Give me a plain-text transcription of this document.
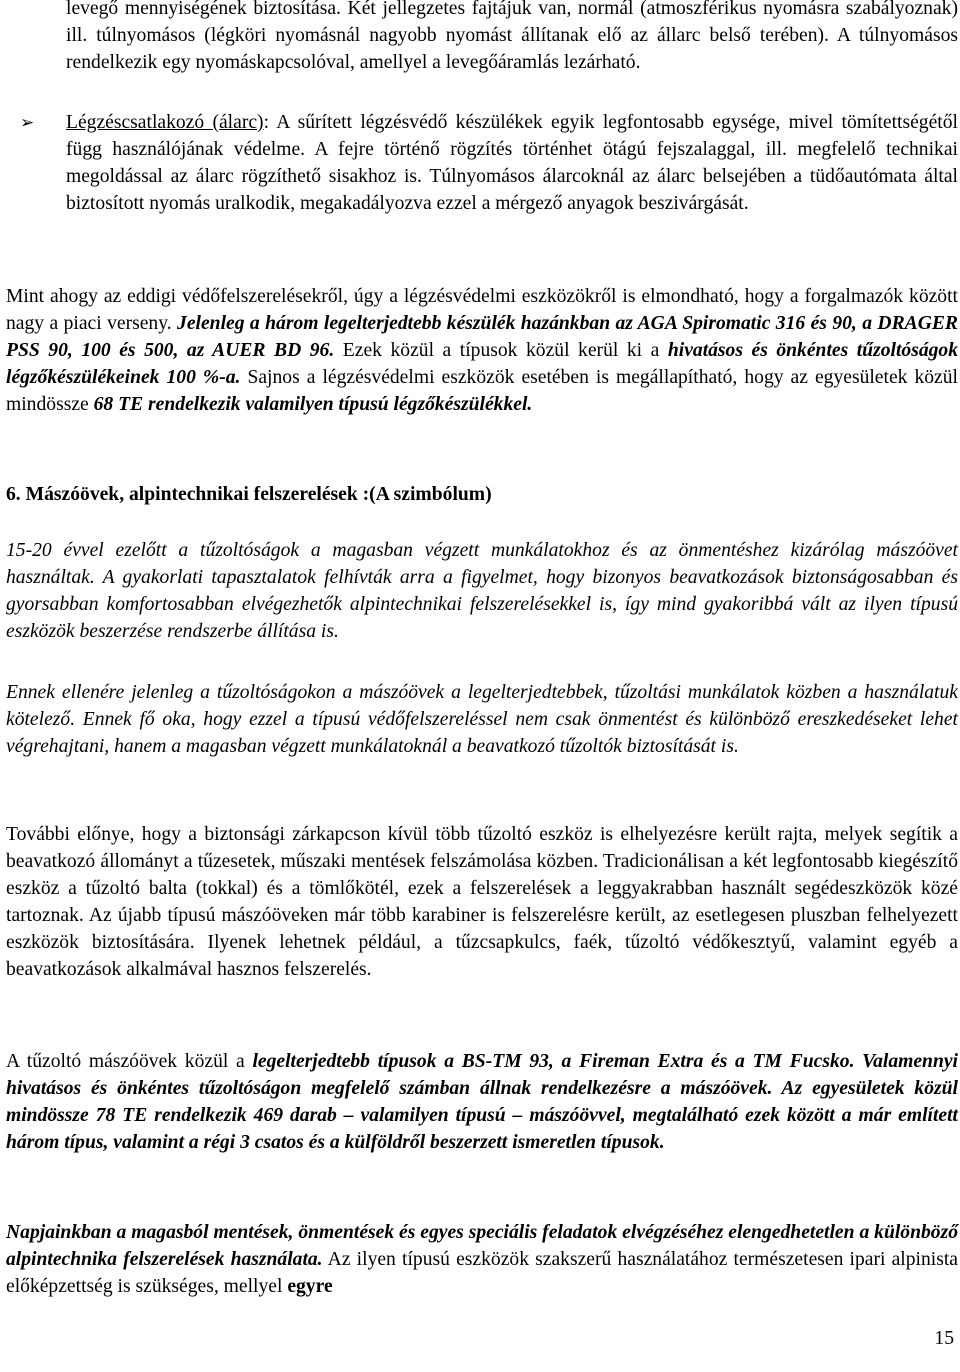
levegő mennyiségének biztosítása. Két jellegzetes fajtájuk van, normál (atmoszférikus nyomásra szabályoznak) ill. túlnyomásos (légköri nyomásnál nagyobb nyomást állítanak elő az állarc belső terében). A túlnyomásos rendelkezik egy nyomáskapcsolóval, amellyel a levegőáramlás lezárható.

➢ Légzéscsatlakozó (álarc): A sűrített légzésvédő készülékek egyik legfontosabb egysége, mivel tömítettségétől függ használójának védelme. A fejre történő rögzítés történhet ötágú fejszalaggal, ill. megfelelő technikai megoldással az álarc rögzíthető sisakhoz is. Túlnyomásos álarcoknál az álarc belsejében a tüdőautómata által biztosított nyomás uralkodik, megakadályozva ezzel a mérgező anyagok beszivárgását.

Mint ahogy az eddigi védőfelszerelésekről, úgy a légzésvédelmi eszközökről is elmondható, hogy a forgalmazók között nagy a piaci verseny. Jelenleg a három legelterjedtebb készülék hazánkban az AGA Spiromatic 316 és 90, a DRAGER PSS 90, 100 és 500, az AUER BD 96. Ezek közül a típusok közül kerül ki a hivatásos és önkéntes tűzoltóságok légzőkészülékeinek 100 %-a. Sajnos a légzésvédelmi eszközök esetében is megállapítható, hogy az egyesületek közül mindössze 68 TE rendelkezik valamilyen típusú légzőkészülékkel.

6. Mászóövek, alpintechnikai felszerelések :(A szimbólum)

15-20 évvel ezelőtt a tűzoltóságok a magasban végzett munkálatokhoz és az önmentéshez kizárólag mászóövet használtak. A gyakorlati tapasztalatok felhívták arra a figyelmet, hogy bizonyos beavatkozások biztonságosabban és gyorsabban komfortosabban elvégezhetők alpintechnikai felszerelésekkel is, így mind gyakoribbá vált az ilyen típusú eszközök beszerzése rendszerbe állítása is.

Ennek ellenére jelenleg a tűzoltóságokon a mászóövek a legelterjedtebbek, tűzoltási munkálatok közben a használatuk kötelező. Ennek fő oka, hogy ezzel a típusú védőfelszereléssel nem csak önmentést és különböző ereszkedéseket lehet végrehajtani, hanem a magasban végzett munkálatoknál a beavatkozó tűzoltók biztosítását is.

További előnye, hogy a biztonsági zárkapcson kívül több tűzoltó eszköz is elhelyezésre került rajta, melyek segítik a beavatkozó állományt a tűzesetek, műszaki mentések felszámolása közben. Tradicionálisan a két legfontosabb kiegészítő eszköz a tűzoltó balta (tokkal) és a tömlőkötél, ezek a felszerelések a leggyakrabban használt segédeszközök közé tartoznak. Az újabb típusú mászóöveken már több karabiner is felszerelésre került, az esetlegesen pluszban felhelyezett eszközök biztosítására. Ilyenek lehetnek például, a tűzcsapkulcs, faék, tűzoltó védőkesztyű, valamint egyéb a beavatkozások alkalmával hasznos felszerelés.

A tűzoltó mászóövek közül a legelterjedtebb típusok a BS-TM 93, a Fireman Extra és a TM Fucsko. Valamennyi hivatásos és önkéntes tűzoltóságon megfelelő számban állnak rendelkezésre a mászóövek. Az egyesületek közül mindössze 78 TE rendelkezik 469 darab – valamilyen típusú – mászóövvel, megtalálható ezek között a már említett három típus, valamint a régi 3 csatos és a külföldről beszerzett ismeretlen típusok.

Napjainkban a magasból mentések, önmentések és egyes speciális feladatok elvégzéséhez elengedhetetlen a különböző alpintechnika felszerelések használata. Az ilyen típusú eszközök szakszerű használatához természetesen ipari alpinista előképzettség is szükséges, mellyel egyre

15
